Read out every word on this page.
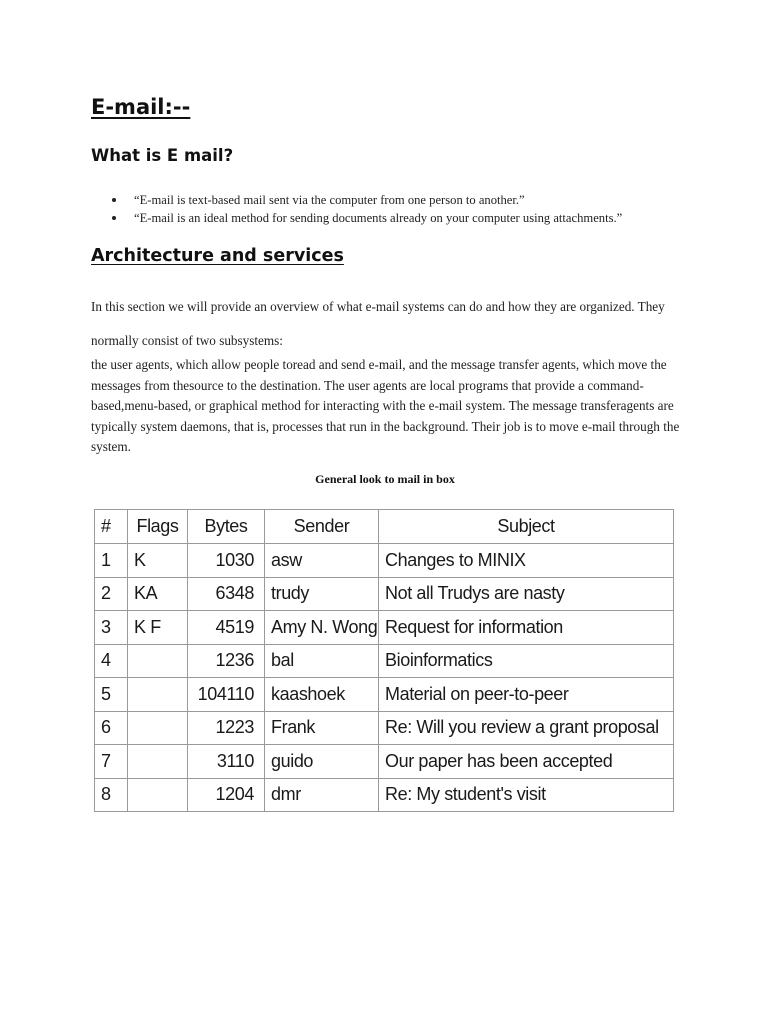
E-mail:--
What is E mail?
“E-mail is text-based mail sent via the computer from one person to another.”
“E-mail is an ideal method for sending documents already on your computer using attachments.”
Architecture and services

In this section we will provide an overview of what e-mail systems can do and how they are organized. They normally consist of two subsystems:

the user agents, which allow people toread and send e-mail, and the message transfer agents, which move the messages from thesource to the destination. The user agents are local programs that provide a command-based,menu-based, or graphical method for interacting with the e-mail system. The message transferagents are typically system daemons, that is, processes that run in the background. Their job is to move e-mail through the system.

General look to mail in box

#	Flags	Bytes	Sender	Subject
1	K	1030	asw	Changes to MINIX
2	KA	6348	trudy	Not all Trudys are nasty
3	K F	4519	Amy N. Wong	Request for information
4		1236	bal	Bioinformatics
5		104110	kaashoek	Material on peer-to-peer
6		1223	Frank	Re: Will you review a grant proposal
7		3110	guido	Our paper has been accepted
8		1204	dmr	Re: My student's visit
